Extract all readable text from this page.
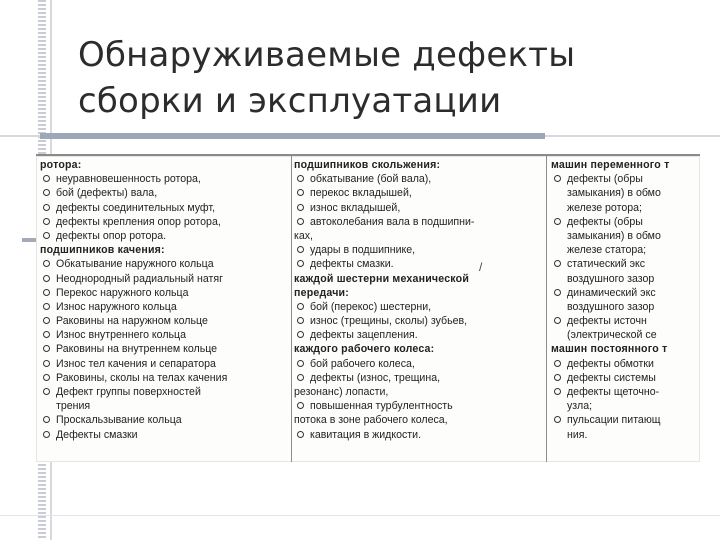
Обнаруживаемые дефекты
сборки и эксплуатации
ротора:
неуравновешенность ротора,
бой (дефекты) вала,
дефекты соединительных муфт,
дефекты крепления опор ротора,
дефекты опор ротора.
подшипников качения:
Обкатывание наружного кольца
Неоднородный радиальный натяг
Перекос наружного кольца
Износ наружного кольца
Раковины на наружном кольце
Износ внутреннего кольца
Раковины на внутреннем кольце
Износ тел качения и сепаратора
Раковины, сколы на телах качения
Дефект группы поверхностей
трения
Проскальзывание кольца
Дефекты смазки
подшипников скольжения:
обкатывание (бой вала),
перекос вкладышей,
износ вкладышей,
автоколебания вала в подшипни-
ках,
удары в подшипнике,
дефекты смазки.
каждой шестерни механической
передачи:
бой (перекос) шестерни,
износ (трещины, сколы) зубьев,
дефекты зацепления.
каждого рабочего колеса:
бой рабочего колеса,
дефекты (износ, трещина,
резонанс) лопасти,
повышенная турбулентность
потока в зоне рабочего колеса,
кавитация в жидкости.
машин переменного т
дефекты (обры
замыкания) в обмо
железе ротора;
дефекты (обры
замыкания) в обмо
железе статора;
статический экс
воздушного зазор
динамический экс
воздушного зазор
дефекты источн
(электрической се
машин постоянного т
дефекты обмотки
дефекты системы
дефекты щеточно-
узла;
пульсации питающ
ния.
/
